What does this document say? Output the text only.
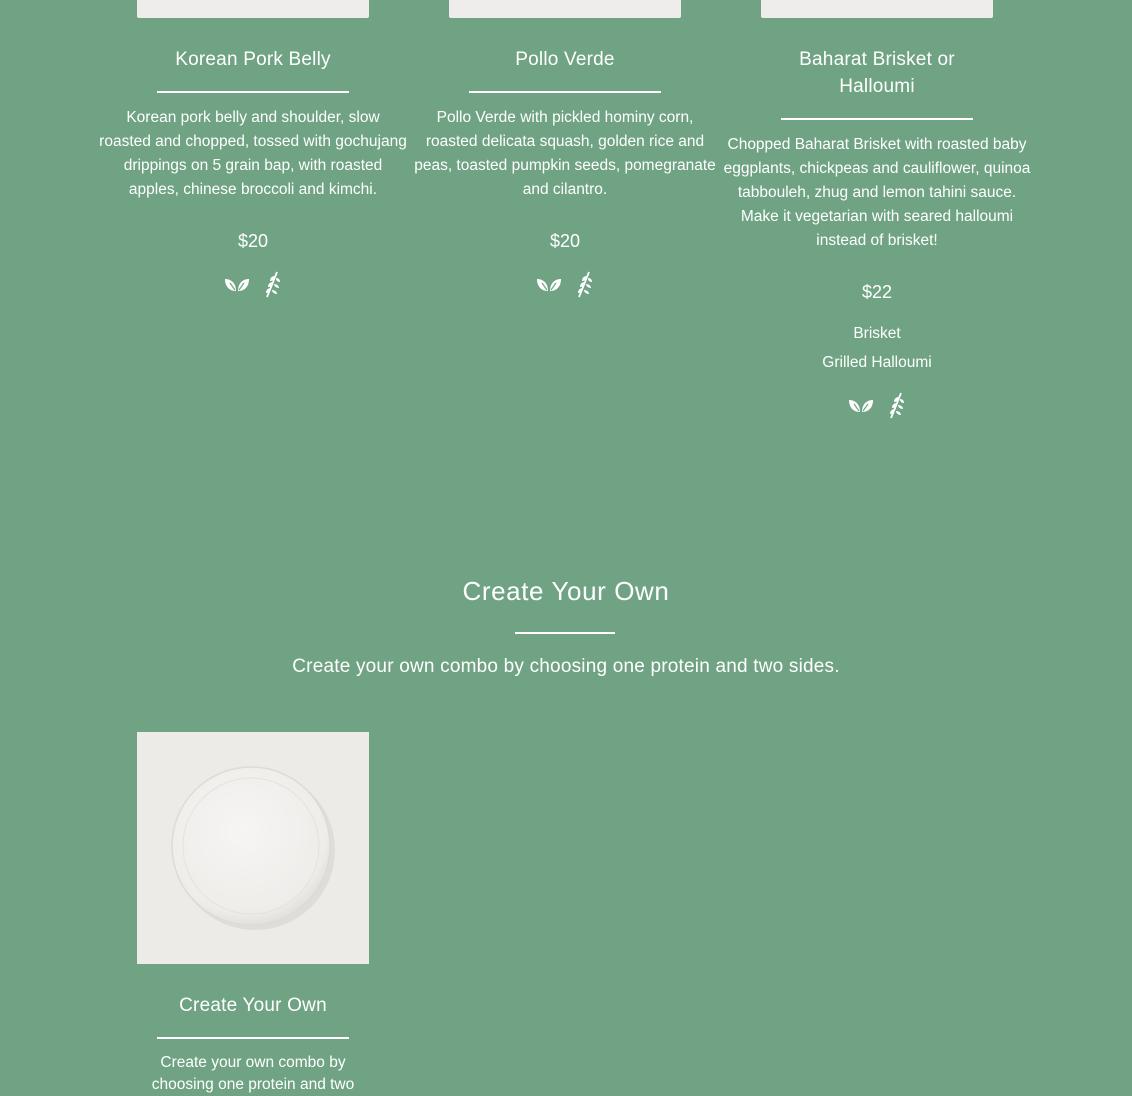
Korean Pork Belly
Korean pork belly and shoulder, slow roasted and chopped, tossed with gochujang drippings on 5 grain bap, with roasted apples, chinese broccoli and kimchi.
$20
Pollo Verde
Pollo Verde with pickled hominy corn, roasted delicata squash, golden rice and peas, toasted pumpkin seeds, pomegranate and cilantro.
$20
Baharat Brisket or
Halloumi
Chopped Baharat Brisket with roasted baby eggplants, chickpeas and cauliflower, quinoa tabbouleh, zhug and lemon tahini sauce. Make it vegetarian with seared halloumi instead of brisket!
$22
Brisket
Grilled Halloumi
Create Your Own
Create your own combo by choosing one protein and two sides.
Create Your Own
Create your own combo by
choosing one protein and two
